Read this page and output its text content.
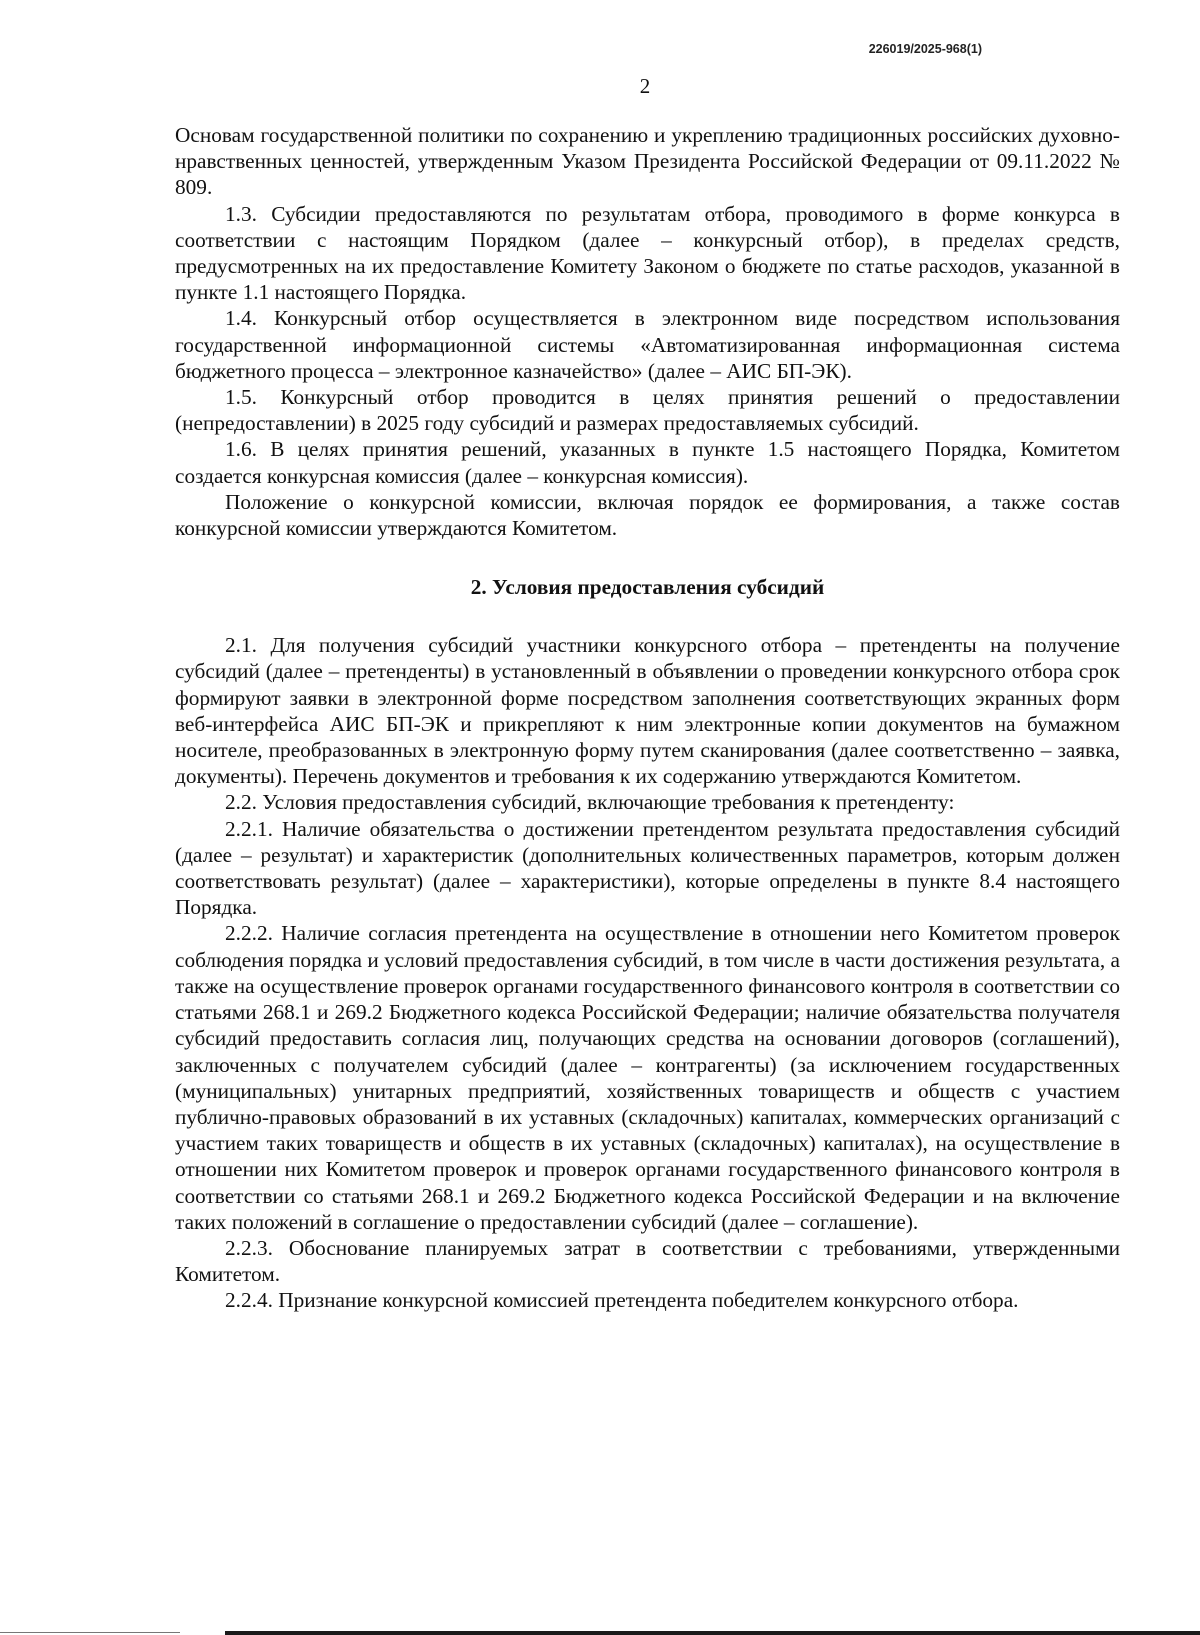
226019/2025-968(1)
2

Основам государственной политики по сохранению и укреплению традиционных российских духовно-нравственных ценностей, утвержденным Указом Президента Российской Федерации от 09.11.2022 № 809.

1.3. Субсидии предоставляются по результатам отбора, проводимого в форме конкурса в соответствии с настоящим Порядком (далее – конкурсный отбор), в пределах средств, предусмотренных на их предоставление Комитету Законом о бюджете по статье расходов, указанной в пункте 1.1 настоящего Порядка.

1.4. Конкурсный отбор осуществляется в электронном виде посредством использования государственной информационной системы «Автоматизированная информационная система бюджетного процесса – электронное казначейство» (далее – АИС БП-ЭК).

1.5. Конкурсный отбор проводится в целях принятия решений о предоставлении (непредоставлении) в 2025 году субсидий и размерах предоставляемых субсидий.

1.6. В целях принятия решений, указанных в пункте 1.5 настоящего Порядка, Комитетом создается конкурсная комиссия (далее – конкурсная комиссия).

Положение о конкурсной комиссии, включая порядок ее формирования, а также состав конкурсной комиссии утверждаются Комитетом.

2. Условия предоставления субсидий

2.1. Для получения субсидий участники конкурсного отбора – претенденты на получение субсидий (далее – претенденты) в установленный в объявлении о проведении конкурсного отбора срок формируют заявки в электронной форме посредством заполнения соответствующих экранных форм веб-интерфейса АИС БП-ЭК и прикрепляют к ним электронные копии документов на бумажном носителе, преобразованных в электронную форму путем сканирования (далее соответственно – заявка, документы). Перечень документов и требования к их содержанию утверждаются Комитетом.

2.2. Условия предоставления субсидий, включающие требования к претенденту:

2.2.1. Наличие обязательства о достижении претендентом результата предоставления субсидий (далее – результат) и характеристик (дополнительных количественных параметров, которым должен соответствовать результат) (далее – характеристики), которые определены в пункте 8.4 настоящего Порядка.

2.2.2. Наличие согласия претендента на осуществление в отношении него Комитетом проверок соблюдения порядка и условий предоставления субсидий, в том числе в части достижения результата, а также на осуществление проверок органами государственного финансового контроля в соответствии со статьями 268.1 и 269.2 Бюджетного кодекса Российской Федерации; наличие обязательства получателя субсидий предоставить согласия лиц, получающих средства на основании договоров (соглашений), заключенных с получателем субсидий (далее – контрагенты) (за исключением государственных (муниципальных) унитарных предприятий, хозяйственных товариществ и обществ с участием публично-правовых образований в их уставных (складочных) капиталах, коммерческих организаций с участием таких товариществ и обществ в их уставных (складочных) капиталах), на осуществление в отношении них Комитетом проверок и проверок органами государственного финансового контроля в соответствии со статьями 268.1 и 269.2 Бюджетного кодекса Российской Федерации и на включение таких положений в соглашение о предоставлении субсидий (далее – соглашение).

2.2.3. Обоснование планируемых затрат в соответствии с требованиями, утвержденными Комитетом.

2.2.4. Признание конкурсной комиссией претендента победителем конкурсного отбора.
